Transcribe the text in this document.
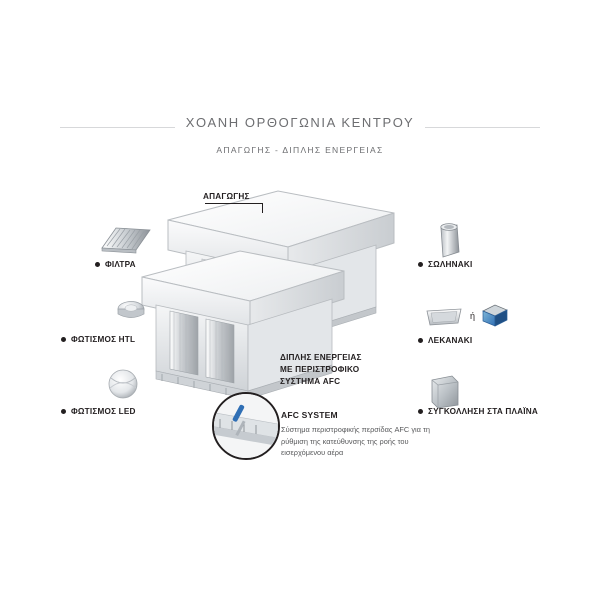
ΧΟΑΝΗ ΟΡΘΟΓΩΝΙΑ ΚΕΝΤΡΟΥ
ΑΠΑΓΩΓΗΣ - ΔΙΠΛΗΣ ΕΝΕΡΓΕΙΑΣ
ΑΠΑΓΩΓΗΣ
ΔΙΠΛΗΣ ΕΝΕΡΓΕΙΑΣ
ΜΕ ΠΕΡΙΣΤΡΟΦΙΚΟ
ΣΥΣΤΗΜΑ AFC
ΦΙΛΤΡΑ
ΦΩΤΙΣΜΟΣ HTL
ΦΩΤΙΣΜΟΣ LED
ΣΩΛΗΝΑΚΙ
ή
ΛΕΚΑΝΑΚΙ
ΣΥΓΚΟΛΛΗΣΗ ΣΤΑ ΠΛΑΪΝΑ
AFC SYSTEM
Σύστημα περιστροφικής περσίδας AFC για τη ρύθμιση της κατεύθυνσης της ροής του εισερχόμενου αέρα
